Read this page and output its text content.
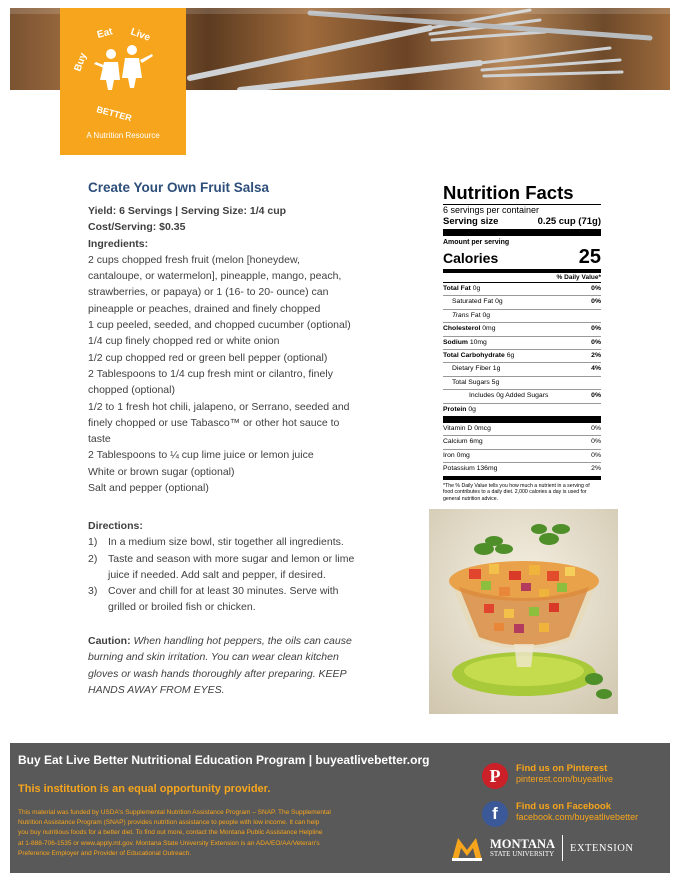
Buy
Eat Live
BETTER
A Nutrition Resource
Create Your Own Fruit Salsa
Yield: 6 Servings | Serving Size: 1/4 cup
Cost/Serving: $0.35
Ingredients:
2 cups chopped fresh fruit (melon [honeydew,
cantaloupe, or watermelon], pineapple, mango, peach,
strawberries, or papaya) or 1 (16- to 20- ounce) can
pineapple or peaches, drained and finely chopped
1 cup peeled, seeded, and chopped cucumber (optional)
1/4 cup finely chopped red or white onion
1/2 cup chopped red or green bell pepper (optional)
2 Tablespoons to 1/4 cup fresh mint or cilantro, finely
chopped (optional)
1/2 to 1 fresh hot chili, jalapeno, or Serrano, seeded and
finely chopped or use Tabasco™ or other hot sauce to
taste
2 Tablespoons to ¼ cup lime juice or lemon juice
White or brown sugar (optional)
Salt and pepper (optional)
Directions:
1)	In a medium size bowl, stir together all ingredients.
2)	Taste and season with more sugar and lemon or lime
juice if needed. Add salt and pepper, if desired.
3)	Cover and chill for at least 30 minutes. Serve with
grilled or broiled fish or chicken.
Caution: When handling hot peppers, the oils can cause
burning and skin irritation. You can wear clean kitchen
gloves or wash hands thoroughly after preparing. KEEP
HANDS AWAY FROM EYES.
Nutrition Facts
6 servings per container
Serving size	0.25 cup (71g)
Amount per serving
Calories	25
% Daily Value*
Total Fat 0g	0%
Saturated Fat 0g	0%
Trans Fat 0g
Cholesterol 0mg	0%
Sodium 10mg	0%
Total Carbohydrate 6g	2%
Dietary Fiber 1g	4%
Total Sugars 5g
Includes 0g Added Sugars	0%
Protein 0g
Vitamin D 0mcg	0%
Calcium 6mg	0%
Iron 0mg	0%
Potassium 136mg	2%
*The % Daily Value tells you how much a nutrient in a serving of food contributes to a daily diet. 2,000 calories a day is used for general nutrition advice.
Buy Eat Live Better Nutritional Education Program | buyeatlivebetter.org
This institution is an equal opportunity provider.
This material was funded by USDA's Supplemental Nutrition Assistance Program – SNAP. The Supplemental
Nutrition Assistance Program (SNAP) provides nutrition assistance to people with low income. It can help
you buy nutritious foods for a better diet. To find out more, contact the Montana Public Assistance Helpline
at 1-888-706-1535 or www.apply.mt.gov. Montana State University Extension is an ADA/EO/AA/Veteran's
Preference Employer and Provider of Educational Outreach.
P	Find us on Pinterest
pinterest.com/buyeatlive
f	Find us on Facebook
facebook.com/buyeatlivebetter
MONTANA
STATE UNIVERSITY
EXTENSION
